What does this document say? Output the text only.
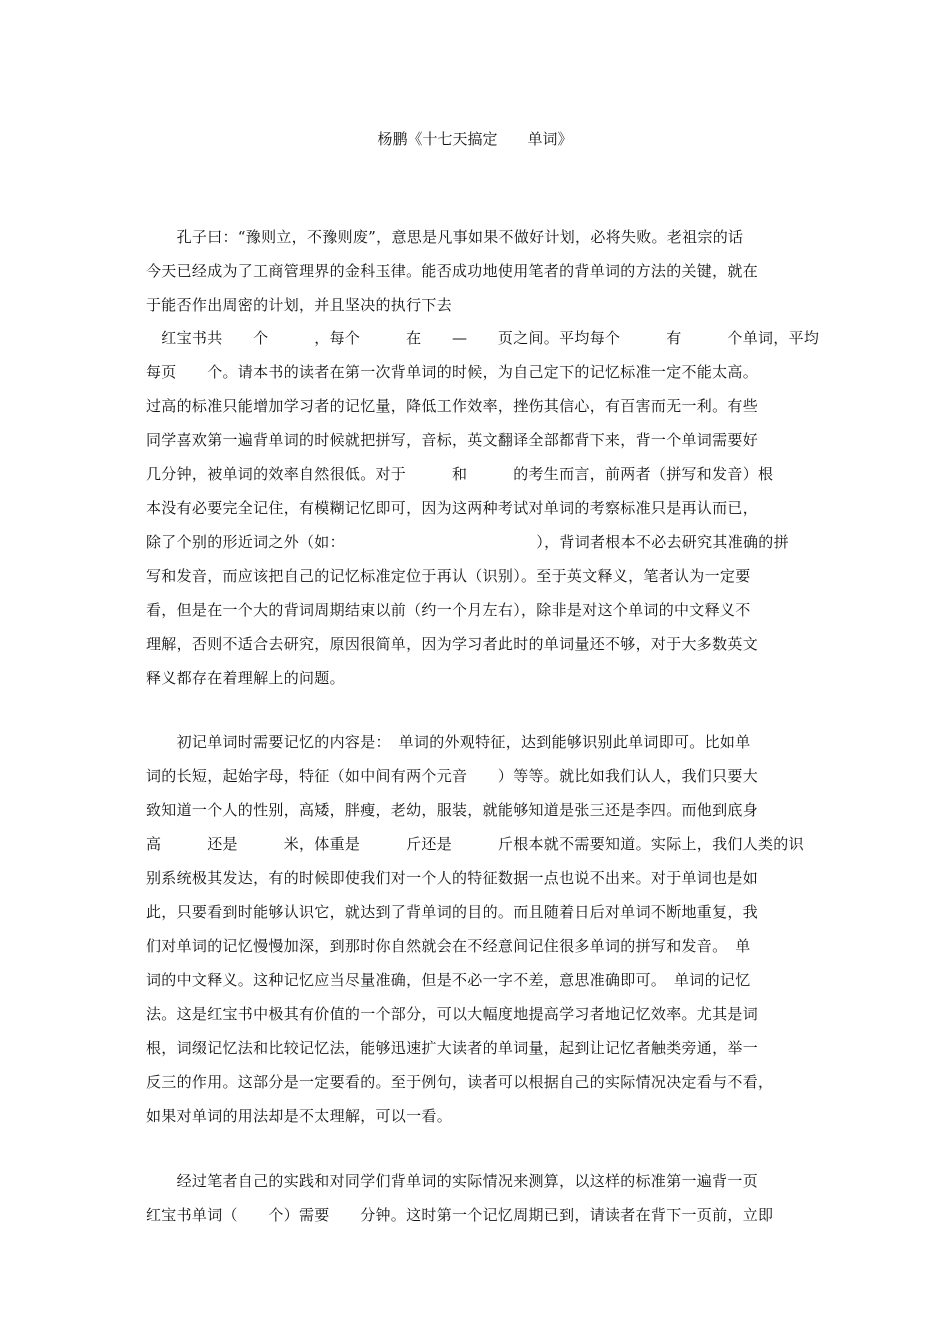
杨鹏《十七天搞定　　单词》
　　孔子曰：“豫则立，不豫则废”，意思是凡事如果不做好计划，必将失败。老祖宗的话
今天已经成为了工商管理界的金科玉律。能否成功地使用笔者的背单词的方法的关键，就在
于能否作出周密的计划，并且坚决的执行下去
　红宝书共　　个　　　，每个　　　在　　—　　页之间。平均每个　　　有　　　个单词，平均
每页　　个。请本书的读者在第一次背单词的时候，为自己定下的记忆标准一定不能太高。
过高的标准只能增加学习者的记忆量，降低工作效率，挫伤其信心，有百害而无一利。有些
同学喜欢第一遍背单词的时候就把拼写，音标，英文翻译全部都背下来，背一个单词需要好
几分钟，被单词的效率自然很低。对于　　　和　　　的考生而言，前两者（拼写和发音）根
本没有必要完全记住，有模糊记忆即可，因为这两种考试对单词的考察标准只是再认而已，
除了个别的形近词之外（如：　　　　　　　　　　　　　），背词者根本不必去研究其准确的拼
写和发音，而应该把自己的记忆标准定位于再认（识别）。至于英文释义，笔者认为一定要
看，但是在一个大的背词周期结束以前（约一个月左右），除非是对这个单词的中文释义不
理解，否则不适合去研究，原因很简单，因为学习者此时的单词量还不够，对于大多数英文
释义都存在着理解上的问题。
　　初记单词时需要记忆的内容是：　单词的外观特征，达到能够识别此单词即可。比如单
词的长短，起始字母，特征（如中间有两个元音　　）等等。就比如我们认人，我们只要大
致知道一个人的性别，高矮，胖瘦，老幼，服装，就能够知道是张三还是李四。而他到底身
高　　　还是　　　米，体重是　　　斤还是　　　斤根本就不需要知道。实际上，我们人类的识
别系统极其发达，有的时候即使我们对一个人的特征数据一点也说不出来。对于单词也是如
此，只要看到时能够认识它，就达到了背单词的目的。而且随着日后对单词不断地重复，我
们对单词的记忆慢慢加深，到那时你自然就会在不经意间记住很多单词的拼写和发音。　单
词的中文释义。这种记忆应当尽量准确，但是不必一字不差，意思准确即可。　单词的记忆
法。这是红宝书中极其有价值的一个部分，可以大幅度地提高学习者地记忆效率。尤其是词
根，词缀记忆法和比较记忆法，能够迅速扩大读者的单词量，起到让记忆者触类旁通，举一
反三的作用。这部分是一定要看的。至于例句，读者可以根据自己的实际情况决定看与不看，
如果对单词的用法却是不太理解，可以一看。
　　经过笔者自己的实践和对同学们背单词的实际情况来测算，以这样的标准第一遍背一页
红宝书单词（　　个）需要　　分钟。这时第一个记忆周期已到，请读者在背下一页前，立即
